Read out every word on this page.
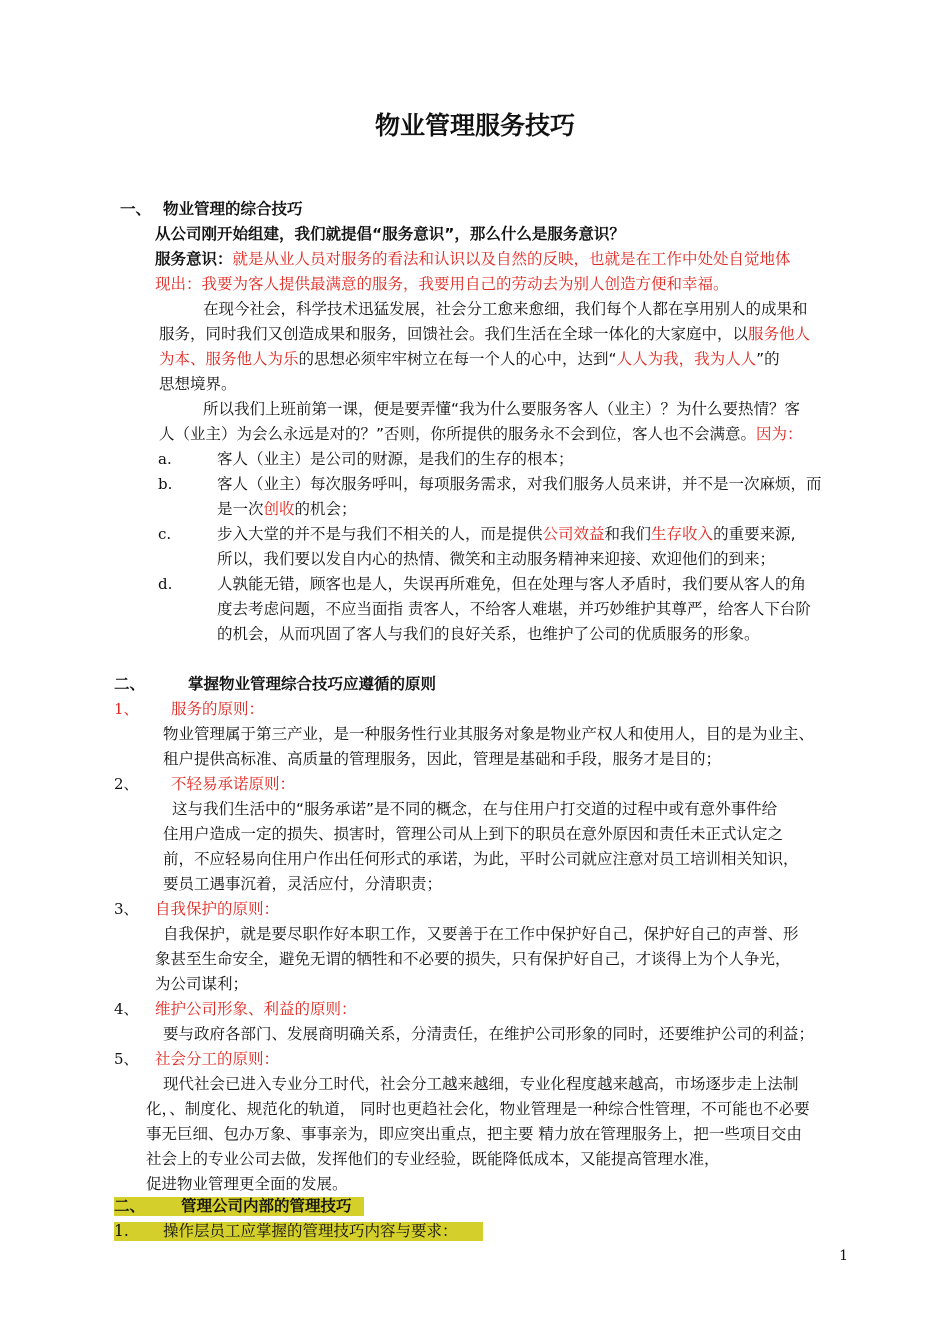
物业管理服务技巧
一、 物业管理的综合技巧
从公司刚开始组建，我们就提倡“服务意识”，那么什么是服务意识？
服务意识：就是从业人员对服务的看法和认识以及自然的反映，也就是在工作中处处自觉地体
现出：我要为客人提供最满意的服务，我要用自己的劳动去为别人创造方便和幸福。
在现今社会，科学技术迅猛发展，社会分工愈来愈细，我们每个人都在享用别人的成果和
服务，同时我们又创造成果和服务，回馈社会。我们生活在全球一体化的大家庭中，以服务他人
为本、服务他人为乐的思想必须牢牢树立在每一个人的心中，达到“人人为我，我为人人”的
思想境界。
所以我们上班前第一课，便是要弄懂“我为什么要服务客人（业主）？为什么要热情？客
人（业主）为会么永远是对的？”否则，你所提供的服务永不会到位，客人也不会满意。因为：
a.	客人（业主）是公司的财源，是我们的生存的根本；
b.	客人（业主）每次服务呼叫，每项服务需求，对我们服务人员来讲，并不是一次麻烦，而
是一次创收的机会；
c.	步入大堂的并不是与我们不相关的人，而是提供公司效益和我们生存收入的重要来源,
所以，我们要以发自内心的热情、微笑和主动服务精神来迎接、欢迎他们的到来；
d.	人孰能无错，顾客也是人，失误再所难免，但在处理与客人矛盾时，我们要从客人的角
度去考虑问题，不应当面指 责客人，不给客人难堪，并巧妙维护其尊严，给客人下台阶
的机会，从而巩固了客人与我们的良好关系，也维护了公司的优质服务的形象。
二、	掌握物业管理综合技巧应遵循的原则
1、 服务的原则：
物业管理属于第三产业，是一种服务性行业其服务对象是物业产权人和使用人，目的是为业主、
租户提供高标准、高质量的管理服务，因此，管理是基础和手段，服务才是目的；
2、 不轻易承诺原则：
这与我们生活中的“服务承诺”是不同的概念，在与住用户打交道的过程中或有意外事件给
住用户造成一定的损失、损害时，管理公司从上到下的职员在意外原因和责任未正式认定之
前，不应轻易向住用户作出任何形式的承诺，为此，平时公司就应注意对员工培训相关知识，
要员工遇事沉着，灵活应付，分清职责；
3、 自我保护的原则：
自我保护，就是要尽职作好本职工作，又要善于在工作中保护好自己，保护好自己的声誉、形
象甚至生命安全，避免无谓的牺牲和不必要的损失，只有保护好自己，才谈得上为个人争光，
为公司谋利；
4、 维护公司形象、利益的原则：
要与政府各部门、发展商明确关系，分清责任，在维护公司形象的同时，还要维护公司的利益；
5、 社会分工的原则：
现代社会已进入专业分工时代，社会分工越来越细，专业化程度越来越高，市场逐步走上法制
化，、制度化、规范化的轨道， 同时也更趋社会化，物业管理是一种综合性管理，不可能也不必要
事无巨细、包办万象、事事亲为，即应突出重点，把主要 精力放在管理服务上，把一些项目交由
社会上的专业公司去做，发挥他们的专业经验，既能降低成本，又能提高管理水准，
促进物业管理更全面的发展。
二、 管理公司内部的管理技巧
1. 操作层员工应掌握的管理技巧内容与要求：
1
